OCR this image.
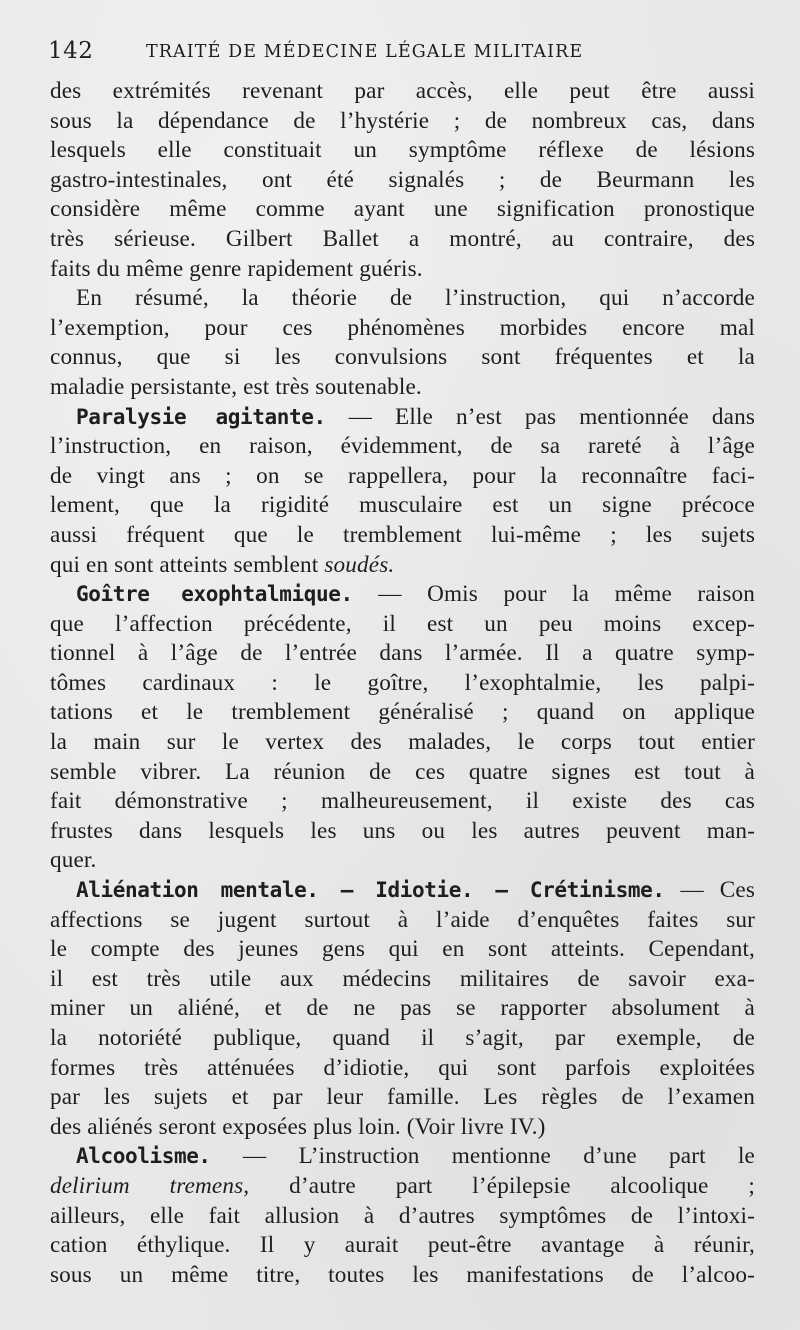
142	TRAITÉ DE MÉDECINE LÉGALE MILITAIRE
des extrémités revenant par accès, elle peut être aussi
sous la dépendance de l’hystérie ; de nombreux cas, dans
lesquels elle constituait un symptôme réflexe de lésions
gastro-intestinales, ont été signalés ; de Beurmann les
considère même comme ayant une signification pronostique
très sérieuse. Gilbert Ballet a montré, au contraire, des
faits du même genre rapidement guéris.
En résumé, la théorie de l’instruction, qui n’accorde
l’exemption, pour ces phénomènes morbides encore mal
connus, que si les convulsions sont fréquentes et la
maladie persistante, est très soutenable.
Paralysie agitante. — Elle n’est pas mentionnée dans
l’instruction, en raison, évidemment, de sa rareté à l’âge
de vingt ans ; on se rappellera, pour la reconnaître faci-
lement, que la rigidité musculaire est un signe précoce
aussi fréquent que le tremblement lui-même ; les sujets
qui en sont atteints semblent soudés.
Goître exophtalmique. — Omis pour la même raison
que l’affection précédente, il est un peu moins excep-
tionnel à l’âge de l’entrée dans l’armée. Il a quatre symp-
tômes cardinaux : le goître, l’exophtalmie, les palpi-
tations et le tremblement généralisé ; quand on applique
la main sur le vertex des malades, le corps tout entier
semble vibrer. La réunion de ces quatre signes est tout à
fait démonstrative ; malheureusement, il existe des cas
frustes dans lesquels les uns ou les autres peuvent man-
quer.
Aliénation mentale. — Idiotie. — Crétinisme. — Ces
affections se jugent surtout à l’aide d’enquêtes faites sur
le compte des jeunes gens qui en sont atteints. Cependant,
il est très utile aux médecins militaires de savoir exa-
miner un aliéné, et de ne pas se rapporter absolument à
la notoriété publique, quand il s’agit, par exemple, de
formes très atténuées d’idiotie, qui sont parfois exploitées
par les sujets et par leur famille. Les règles de l’examen
des aliénés seront exposées plus loin. (Voir livre IV.)
Alcoolisme. — L’instruction mentionne d’une part le
delirium tremens, d’autre part l’épilepsie alcoolique ;
ailleurs, elle fait allusion à d’autres symptômes de l’intoxi-
cation éthylique. Il y aurait peut-être avantage à réunir,
sous un même titre, toutes les manifestations de l’alcoo-
